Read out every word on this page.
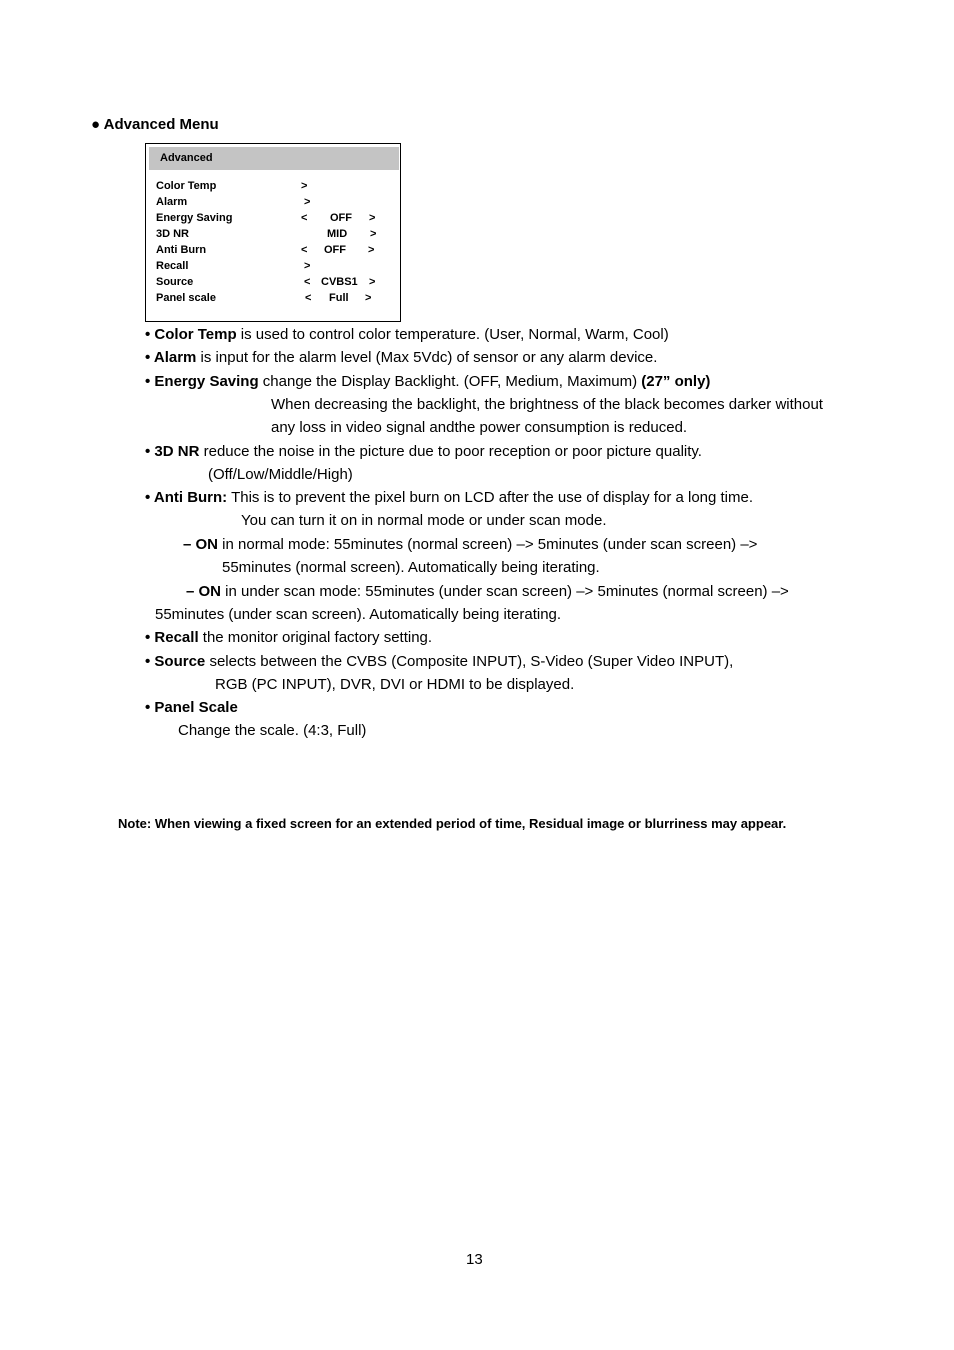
● Advanced Menu
Advanced
Color Temp	>
Alarm	>
Energy Saving	< OFF >
3D NR	MID >
Anti Burn	< OFF >
Recall	>
Source	< CVBS1 >
Panel scale	< Full >
• Color Temp is used to control color temperature. (User, Normal, Warm, Cool)
• Alarm is input for the alarm level (Max 5Vdc) of sensor or any alarm device.
• Energy Saving change the Display Backlight. (OFF, Medium, Maximum) (27” only)
When decreasing the backlight, the brightness of the black becomes darker without
any loss in video signal andthe power consumption is reduced.
• 3D NR reduce the noise in the picture due to poor reception or poor picture quality.
(Off/Low/Middle/High)
• Anti Burn: This is to prevent the pixel burn on LCD after the use of display for a long time.
You can turn it on in normal mode or under scan mode.
– ON in normal mode: 55minutes (normal screen) –> 5minutes (under scan screen) –>
55minutes (normal screen). Automatically being iterating.
– ON in under scan mode: 55minutes (under scan screen) –> 5minutes (normal screen) –>
55minutes (under scan screen). Automatically being iterating.
• Recall the monitor original factory setting.
• Source selects between the CVBS (Composite INPUT), S-Video (Super Video INPUT),
RGB (PC INPUT), DVR, DVI or HDMI to be displayed.
• Panel Scale
Change the scale. (4:3, Full)
Note: When viewing a fixed screen for an extended period of time, Residual image or blurriness may appear.
13
